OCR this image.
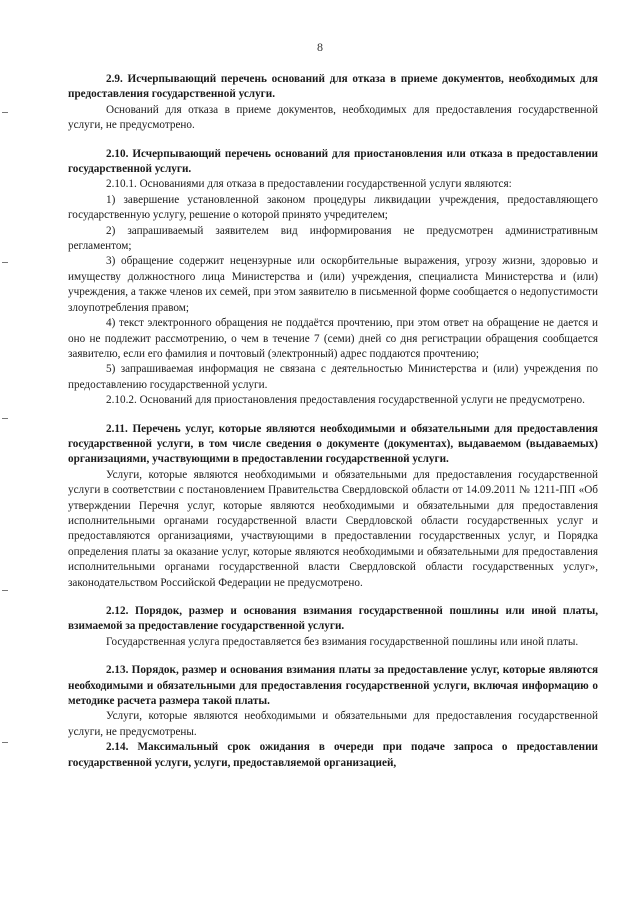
8

2.9. Исчерпывающий перечень оснований для отказа в приеме документов, необходимых для предоставления государственной услуги.

Оснований для отказа в приеме документов, необходимых для предоставления государственной услуги, не предусмотрено.

2.10. Исчерпывающий перечень оснований для приостановления или отказа в предоставлении государственной услуги.

2.10.1. Основаниями для отказа в предоставлении государственной услуги являются:

1) завершение установленной законом процедуры ликвидации учреждения, предоставляющего государственную услугу, решение о которой принято учредителем;

2) запрашиваемый заявителем вид информирования не предусмотрен административным регламентом;

3) обращение содержит нецензурные или оскорбительные выражения, угрозу жизни, здоровью и имуществу должностного лица Министерства и (или) учреждения, специалиста Министерства и (или) учреждения, а также членов их семей, при этом заявителю в письменной форме сообщается о недопустимости злоупотребления правом;

4) текст электронного обращения не поддаётся прочтению, при этом ответ на обращение не дается и оно не подлежит рассмотрению, о чем в течение 7 (семи) дней со дня регистрации обращения сообщается заявителю, если его фамилия и почтовый (электронный) адрес поддаются прочтению;

5) запрашиваемая информация не связана с деятельностью Министерства и (или) учреждения по предоставлению государственной услуги.

2.10.2. Оснований для приостановления предоставления государственной услуги не предусмотрено.

2.11. Перечень услуг, которые являются необходимыми и обязательными для предоставления государственной услуги, в том числе сведения о документе (документах), выдаваемом (выдаваемых) организациями, участвующими в предоставлении государственной услуги.

Услуги, которые являются необходимыми и обязательными для предоставления государственной услуги в соответствии с постановлением Правительства Свердловской области от 14.09.2011 № 1211-ПП «Об утверждении Перечня услуг, которые являются необходимыми и обязательными для предоставления исполнительными органами государственной власти Свердловской области государственных услуг и предоставляются организациями, участвующими в предоставлении государственных услуг, и Порядка определения платы за оказание услуг, которые являются необходимыми и обязательными для предоставления исполнительными органами государственной власти Свердловской области государственных услуг», законодательством Российской Федерации не предусмотрено.

2.12. Порядок, размер и основания взимания государственной пошлины или иной платы, взимаемой за предоставление государственной услуги.

Государственная услуга предоставляется без взимания государственной пошлины или иной платы.

2.13. Порядок, размер и основания взимания платы за предоставление услуг, которые являются необходимыми и обязательными для предоставления государственной услуги, включая информацию о методике расчета размера такой платы.

Услуги, которые являются необходимыми и обязательными для предоставления государственной услуги, не предусмотрены.

2.14. Максимальный срок ожидания в очереди при подаче запроса о предоставлении государственной услуги, услуги, предоставляемой организацией,
